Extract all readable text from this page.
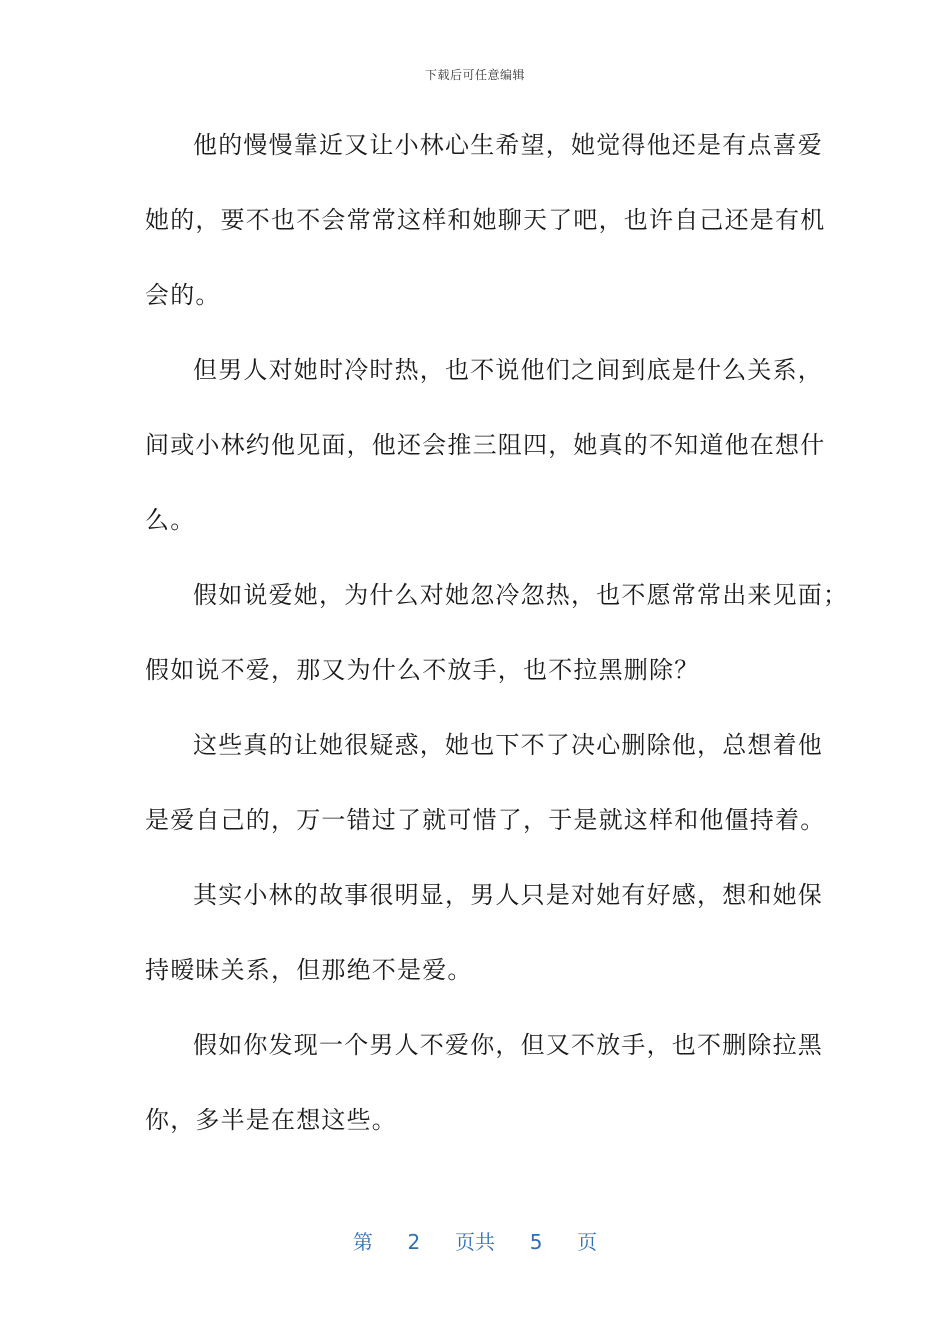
下载后可任意编辑
他的慢慢靠近又让小林心生希望，她觉得他还是有点喜爱
她的，要不也不会常常这样和她聊天了吧，也许自己还是有机
会的。
但男人对她时冷时热，也不说他们之间到底是什么关系，
间或小林约他见面，他还会推三阻四，她真的不知道他在想什
么。
假如说爱她，为什么对她忽冷忽热，也不愿常常出来见面；
假如说不爱，那又为什么不放手，也不拉黑删除？
这些真的让她很疑惑，她也下不了决心删除他，总想着他
是爱自己的，万一错过了就可惜了，于是就这样和他僵持着。
其实小林的故事很明显，男人只是对她有好感，想和她保
持暧昧关系，但那绝不是爱。
假如你发现一个男人不爱你，但又不放手，也不删除拉黑
你，多半是在想这些。
第 2 页共 5 页
